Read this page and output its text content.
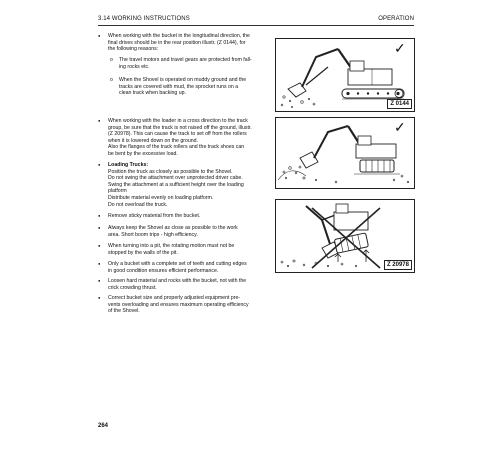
3.14 WORKING INSTRUCTIONS	OPERATION
● When working with the bucket in the longitudinal direction, the
final drives should be in the rear position illustr. (Z 0144), for
the following reasons:
o The travel motors and travel gears are protected from fall-
ing rocks etc.
o When the Shovel is operated on muddy ground and the
tracks are covered with mud, the sprocket runs on a
clean track when backing up.
● When working with the loader in a cross direction to the track
group, be sure that the track is not raised off the ground, illustr.
(Z 20978). This can cause the track to set off from the rollers
when it is lowered down on the ground.
Also the flanges of the track rollers and the track shoes can
be bent by the excessive load.
● Loading Trucks:
Position the truck as closely as possible to the Shovel.
Do not swing the attachment over unprotected driver cabe.
Swing the attachment at a sufficient height over the loading
platform
Distribute material evenly on loading platform.
Do not overload the truck.
● Remove sticky material from the bucket.
● Always keep the Shovel as close as possible to the work
area. Short boom trips - high efficiency.
● When turning into a pit, the rotating motion must not be
stopped by the walls of the pit.
● Only a bucket with a complete set of teeth and cutting edges
in good condition ensures efficient performance.
● Loosen hard material and rocks with the bucket, not with the
crick crowding thrust.
● Correct bucket size and properly adjusted equipment pre-
vents overloading and ensures maximum operating efficiency
of the Shovel.
✓
Z 0144
✓
Z 20978
264
